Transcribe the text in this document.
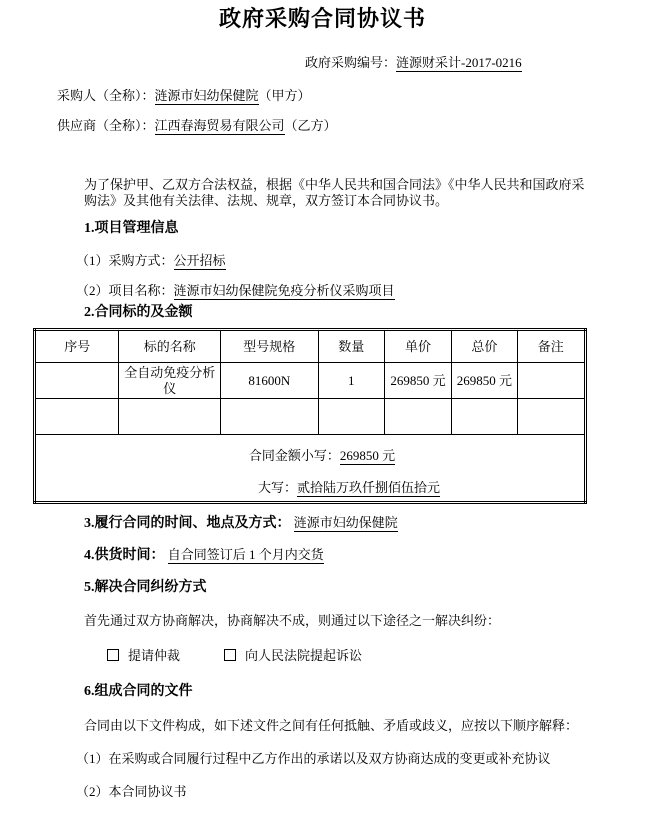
政府采购合同协议书
政府采购编号：涟源财采计-2017-0216
采购人（全称）：涟源市妇幼保健院（甲方）
供应商（全称）：江西春海贸易有限公司（乙方）
为了保护甲、乙双方合法权益，根据《中华人民共和国合同法》《中华人民共和国政府采购法》及其他有关法律、法规、规章，双方签订本合同协议书。
1.项目管理信息
（1）采购方式：公开招标
（2）项目名称：涟源市妇幼保健院免疫分析仪采购项目
2.合同标的及金额
序号	标的名称	型号规格	数量	单价	总价	备注
	全自动免疫分析仪	81600N	1	269850 元	269850 元	

合同金额小写：269850 元
大写：贰拾陆万玖仟捌佰伍拾元						
3.履行合同的时间、地点及方式： 涟源市妇幼保健院
4.供货时间： 自合同签订后 1 个月内交货
5.解决合同纠纷方式
首先通过双方协商解决，协商解决不成，则通过以下途径之一解决纠纷：
提请仲裁	向人民法院提起诉讼
6.组成合同的文件
合同由以下文件构成，如下述文件之间有任何抵触、矛盾或歧义，应按以下顺序解释：
（1）在采购或合同履行过程中乙方作出的承诺以及双方协商达成的变更或补充协议
（2）本合同协议书
